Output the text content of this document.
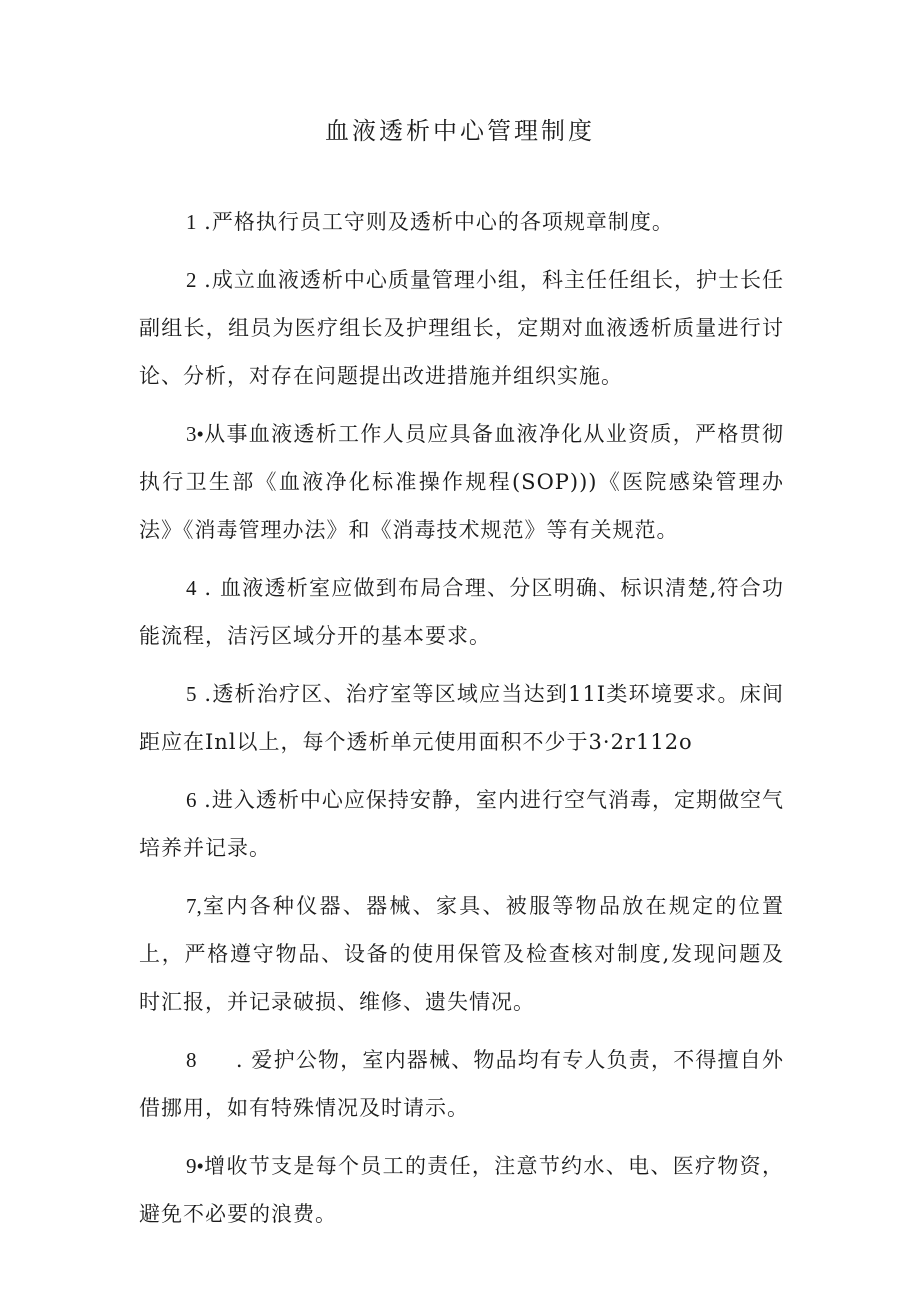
血液透析中心管理制度

1 .严格执行员工守则及透析中心的各项规章制度。

2 .成立血液透析中心质量管理小组，科主任任组长，护士长任副组长，组员为医疗组长及护理组长，定期对血液透析质量进行讨论、分析，对存在问题提出改进措施并组织实施。

3•从事血液透析工作人员应具备血液净化从业资质，严格贯彻执行卫生部《血液净化标准操作规程(SOP)))《医院感染管理办法》《消毒管理办法》和《消毒技术规范》等有关规范。

4 . 血液透析室应做到布局合理、分区明确、标识清楚,符合功能流程，洁污区域分开的基本要求。

5 .透析治疗区、治疗室等区域应当达到11I类环境要求。床间距应在Inl以上，每个透析单元使用面积不少于3·2r112o

6 .进入透析中心应保持安静，室内进行空气消毒，定期做空气培养并记录。

7,室内各种仪器、器械、家具、被服等物品放在规定的位置上，严格遵守物品、设备的使用保管及检查核对制度,发现问题及时汇报，并记录破损、维修、遗失情况。

8     . 爱护公物，室内器械、物品均有专人负责，不得擅自外借挪用，如有特殊情况及时请示。

9•增收节支是每个员工的责任，注意节约水、电、医疗物资，避免不必要的浪费。
